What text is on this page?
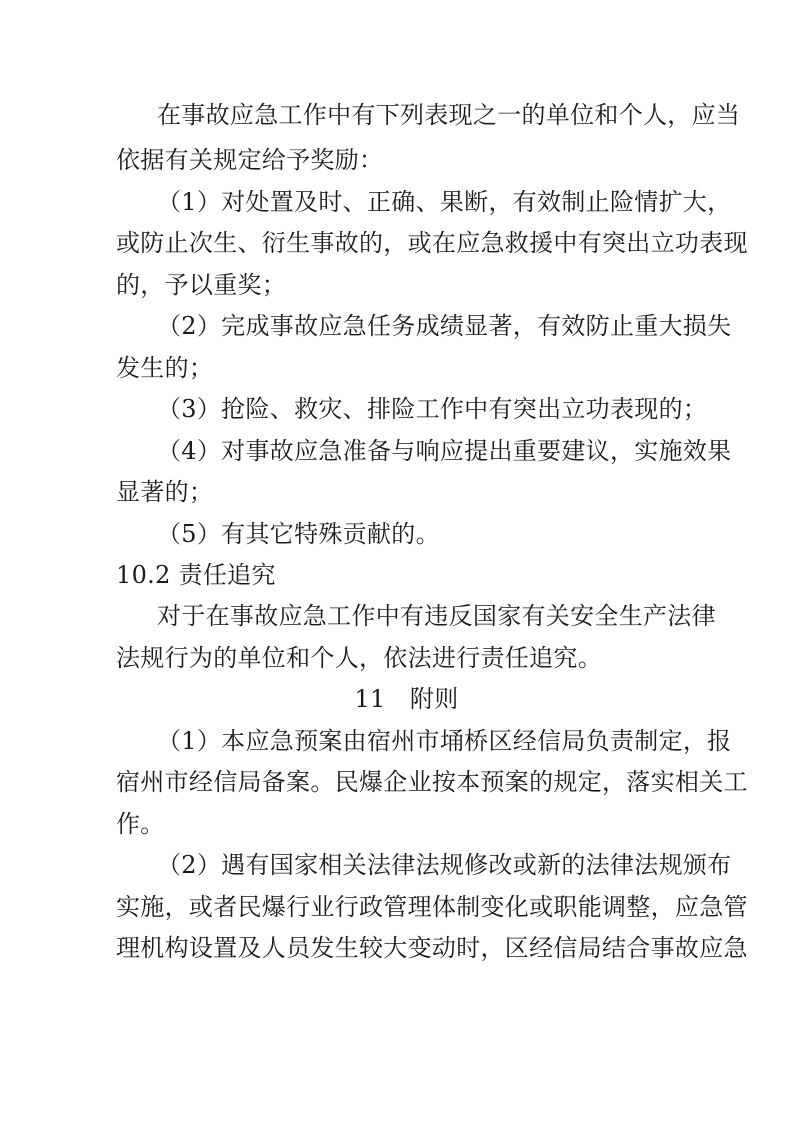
在事故应急工作中有下列表现之一的单位和个人，应当
依据有关规定给予奖励：
（1）对处置及时、正确、果断，有效制止险情扩大，
或防止次生、衍生事故的，或在应急救援中有突出立功表现
的，予以重奖；
（2）完成事故应急任务成绩显著，有效防止重大损失
发生的；
（3）抢险、救灾、排险工作中有突出立功表现的；
（4）对事故应急准备与响应提出重要建议，实施效果
显著的；
（5）有其它特殊贡献的。
10.2 责任追究
对于在事故应急工作中有违反国家有关安全生产法律
法规行为的单位和个人，依法进行责任追究。
11　附则
（1）本应急预案由宿州市埇桥区经信局负责制定，报
宿州市经信局备案。民爆企业按本预案的规定，落实相关工
作。
（2）遇有国家相关法律法规修改或新的法律法规颁布
实施，或者民爆行业行政管理体制变化或职能调整，应急管
理机构设置及人员发生较大变动时，区经信局结合事故应急
